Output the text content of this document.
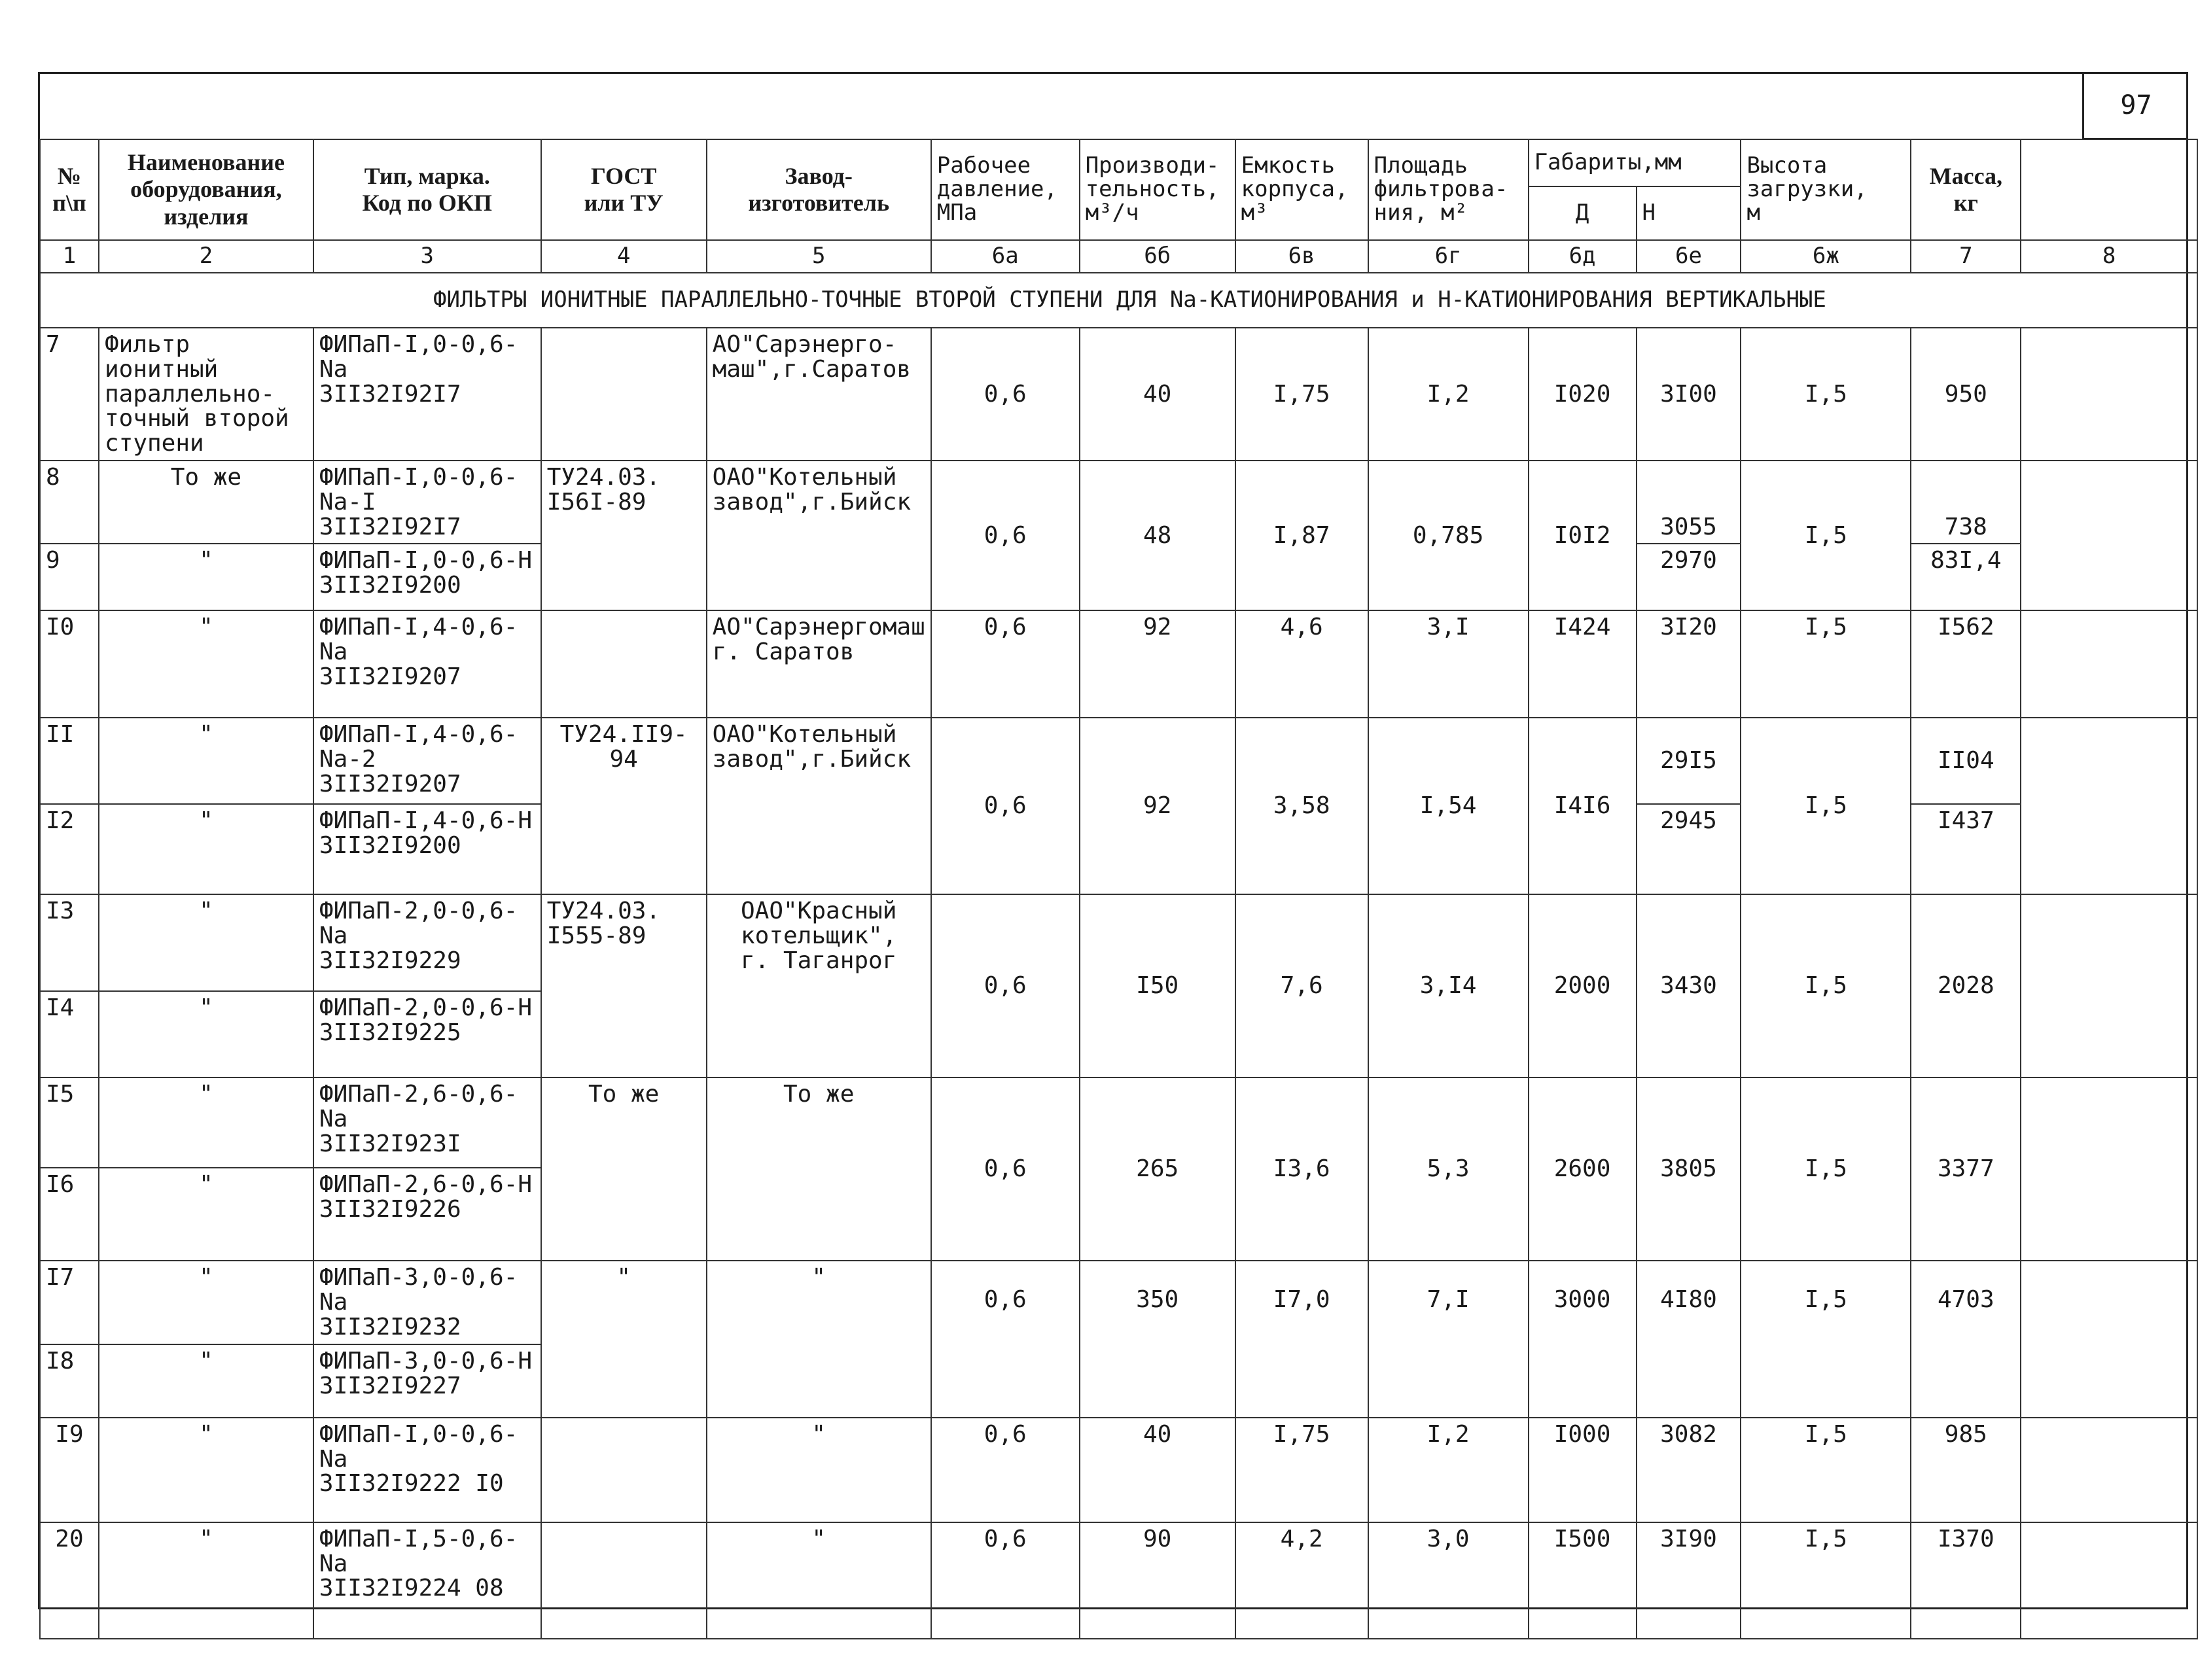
97
№
п\п	Наименование
оборудования,
изделия	Тип, марка.
Код по ОКП	ГОСТ
или ТУ	Завод-
изготовитель	Рабочее
давление,
МПа	Производи-
тельность,
м³/ч	Емкость
корпуса,
м³	Площадь
фильтрова-
ния, м²	Габариты,мм		Высота
загрузки,
м	Масса,
кг	
									Д	Н			
1	2	3	4	5	6а	6б	6в	6г	6д	6е	6ж	7	8
ФИЛЬТРЫ ИОНИТНЫЕ ПАРАЛЛЕЛЬНО-ТОЧНЫЕ ВТОРОЙ СТУПЕНИ ДЛЯ Na-КАТИОНИРОВАНИЯ и Н-КАТИОНИРОВАНИЯ ВЕРТИКАЛЬНЫЕ													
7	Фильтр ионитный
параллельно-
точный второй
ступени	ФИПаП-I,0-0,6-
Na
3II32I92I7		АО"Сарэнерго-
маш",г.Саратов	0,6	40	I,75	I,2	I020	3I00	I,5	950	
8	То же	ФИПаП-I,0-0,6-
Na-I
3II32I92I7	ТУ24.03.
I56I-89	ОАО"Котельный
завод",г.Бийск	0,6	48	I,87	0,785	I0I2	3055	I,5	738	
9	"	ФИПаП-I,0-0,6-Н
3II32I9200								2970		83I,4	
I0	"	ФИПаП-I,4-0,6-
Na
3II32I9207		АО"Сарэнергомаш
г. Саратов	0,6	92	4,6	3,I	I424	3I20	I,5	I562	
II	"	ФИПаП-I,4-0,6-
Na-2
3II32I9207	ТУ24.II9-
94	ОАО"Котельный
завод",г.Бийск	0,6	92	3,58	I,54	I4I6	29I5	I,5	II04	
I2	"	ФИПаП-I,4-0,6-Н
3II32I9200								2945		I437	
I3	"	ФИПаП-2,0-0,6-
Na
3II32I9229	ТУ24.03.
I555-89	ОАО"Красный
котельщик",
г. Таганрог	0,6	I50	7,6	3,I4	2000	3430	I,5	2028	
I4	"	ФИПаП-2,0-0,6-Н
3II32I9225											
I5	"	ФИПаП-2,6-0,6-
Na
3II32I923I	То же	То же	0,6	265	I3,6	5,3	2600	3805	I,5	3377	
I6	"	ФИПаП-2,6-0,6-Н
3II32I9226											
I7	"	ФИПаП-3,0-0,6-
Na
3II32I9232	"	"	0,6	350	I7,0	7,I	3000	4I80	I,5	4703	
I8	"	ФИПаП-3,0-0,6-Н
3II32I9227											
I9	"	ФИПаП-I,0-0,6-
Na
3II32I9222 I0		"	0,6	40	I,75	I,2	I000	3082	I,5	985	
20	"	ФИПаП-I,5-0,6-
Na
3II32I9224 08		"	0,6	90	4,2	3,0	I500	3I90	I,5	I370	
